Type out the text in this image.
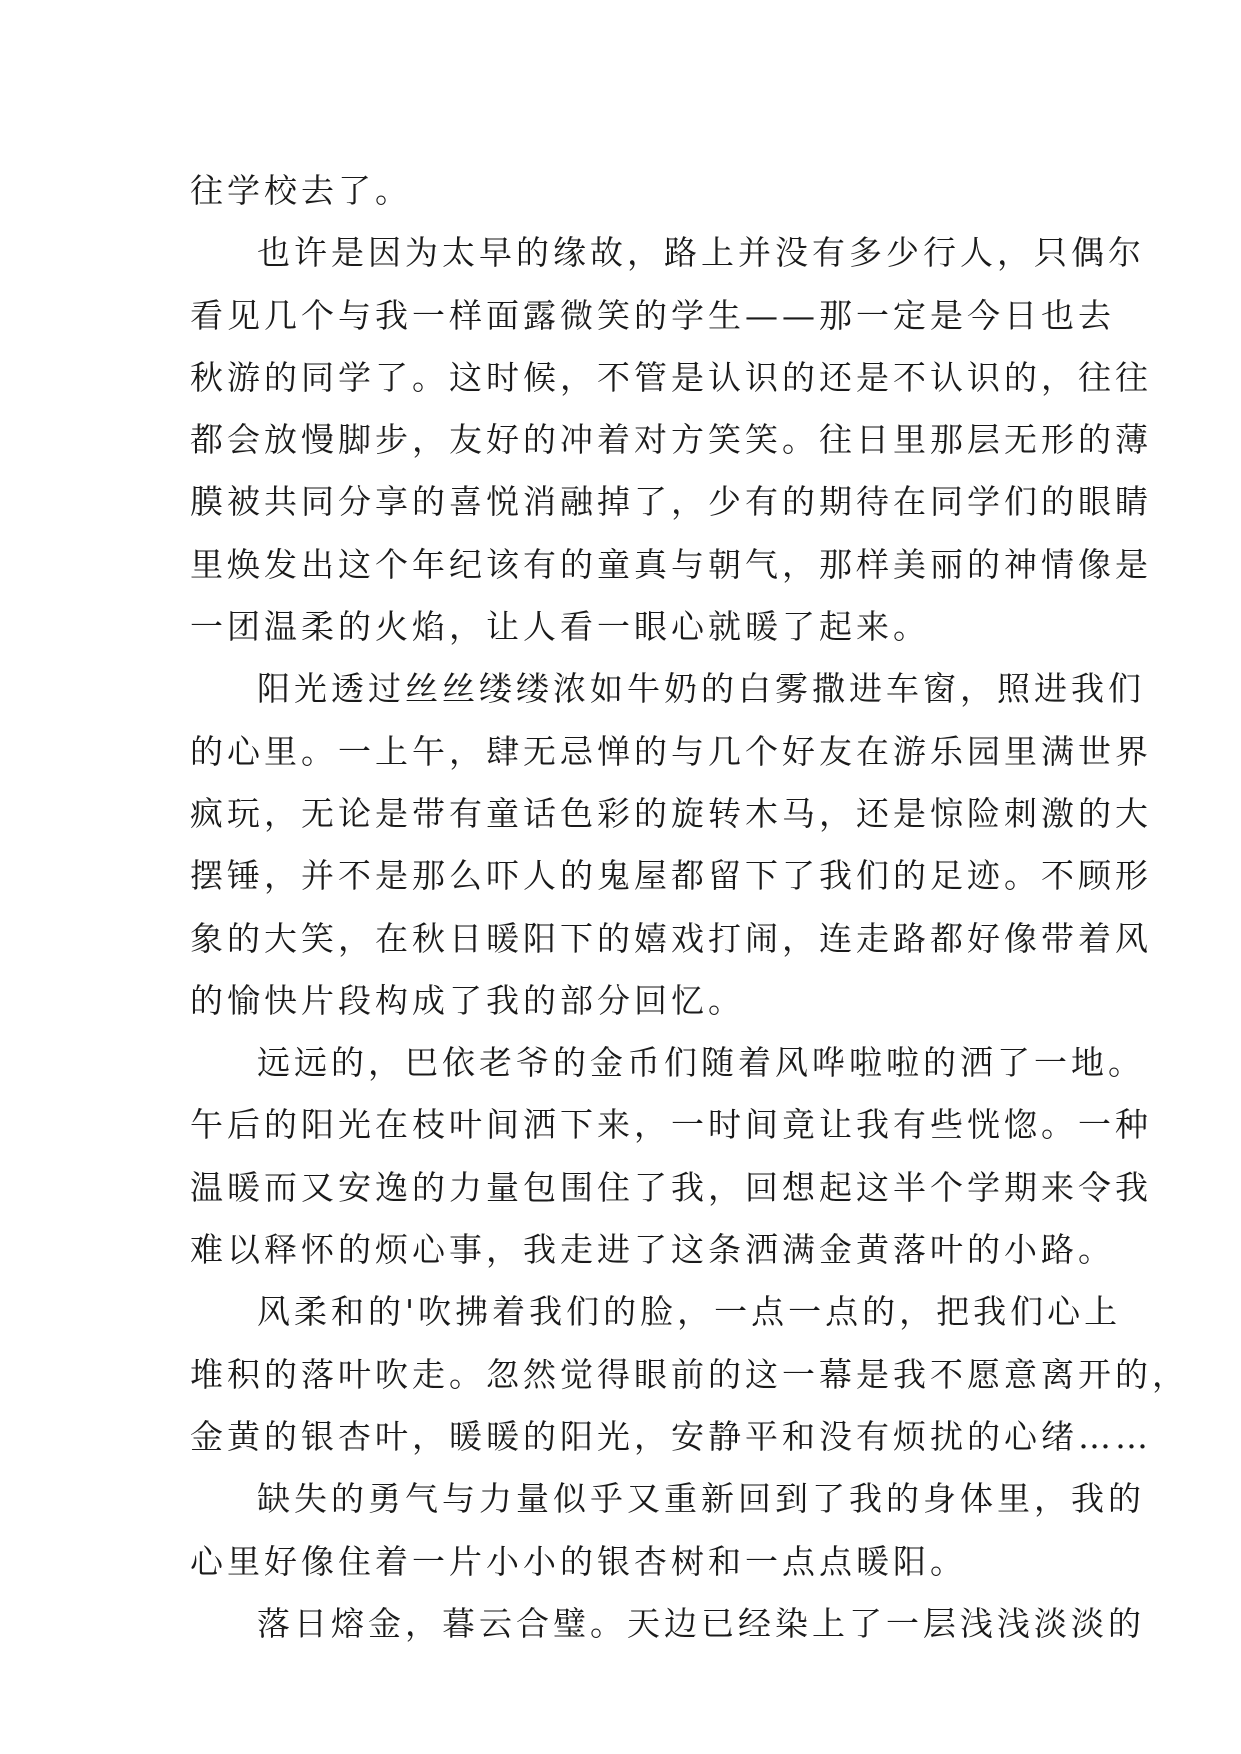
往学校去了。
也许是因为太早的缘故，路上并没有多少行人，只偶尔
看见几个与我一样面露微笑的学生——那一定是今日也去
秋游的同学了。这时候，不管是认识的还是不认识的，往往
都会放慢脚步，友好的冲着对方笑笑。往日里那层无形的薄
膜被共同分享的喜悦消融掉了，少有的期待在同学们的眼睛
里焕发出这个年纪该有的童真与朝气，那样美丽的神情像是
一团温柔的火焰，让人看一眼心就暖了起来。
阳光透过丝丝缕缕浓如牛奶的白雾撒进车窗，照进我们
的心里。一上午，肆无忌惮的与几个好友在游乐园里满世界
疯玩，无论是带有童话色彩的旋转木马，还是惊险刺激的大
摆锤，并不是那么吓人的鬼屋都留下了我们的足迹。不顾形
象的大笑，在秋日暖阳下的嬉戏打闹，连走路都好像带着风
的愉快片段构成了我的部分回忆。
远远的，巴依老爷的金币们随着风哗啦啦的洒了一地。
午后的阳光在枝叶间洒下来，一时间竟让我有些恍惚。一种
温暖而又安逸的力量包围住了我，回想起这半个学期来令我
难以释怀的烦心事，我走进了这条洒满金黄落叶的小路。
风柔和的'吹拂着我们的脸，一点一点的，把我们心上
堆积的落叶吹走。忽然觉得眼前的这一幕是我不愿意离开的，
金黄的银杏叶，暖暖的阳光，安静平和没有烦扰的心绪……
缺失的勇气与力量似乎又重新回到了我的身体里，我的
心里好像住着一片小小的银杏树和一点点暖阳。
落日熔金，暮云合璧。天边已经染上了一层浅浅淡淡的
